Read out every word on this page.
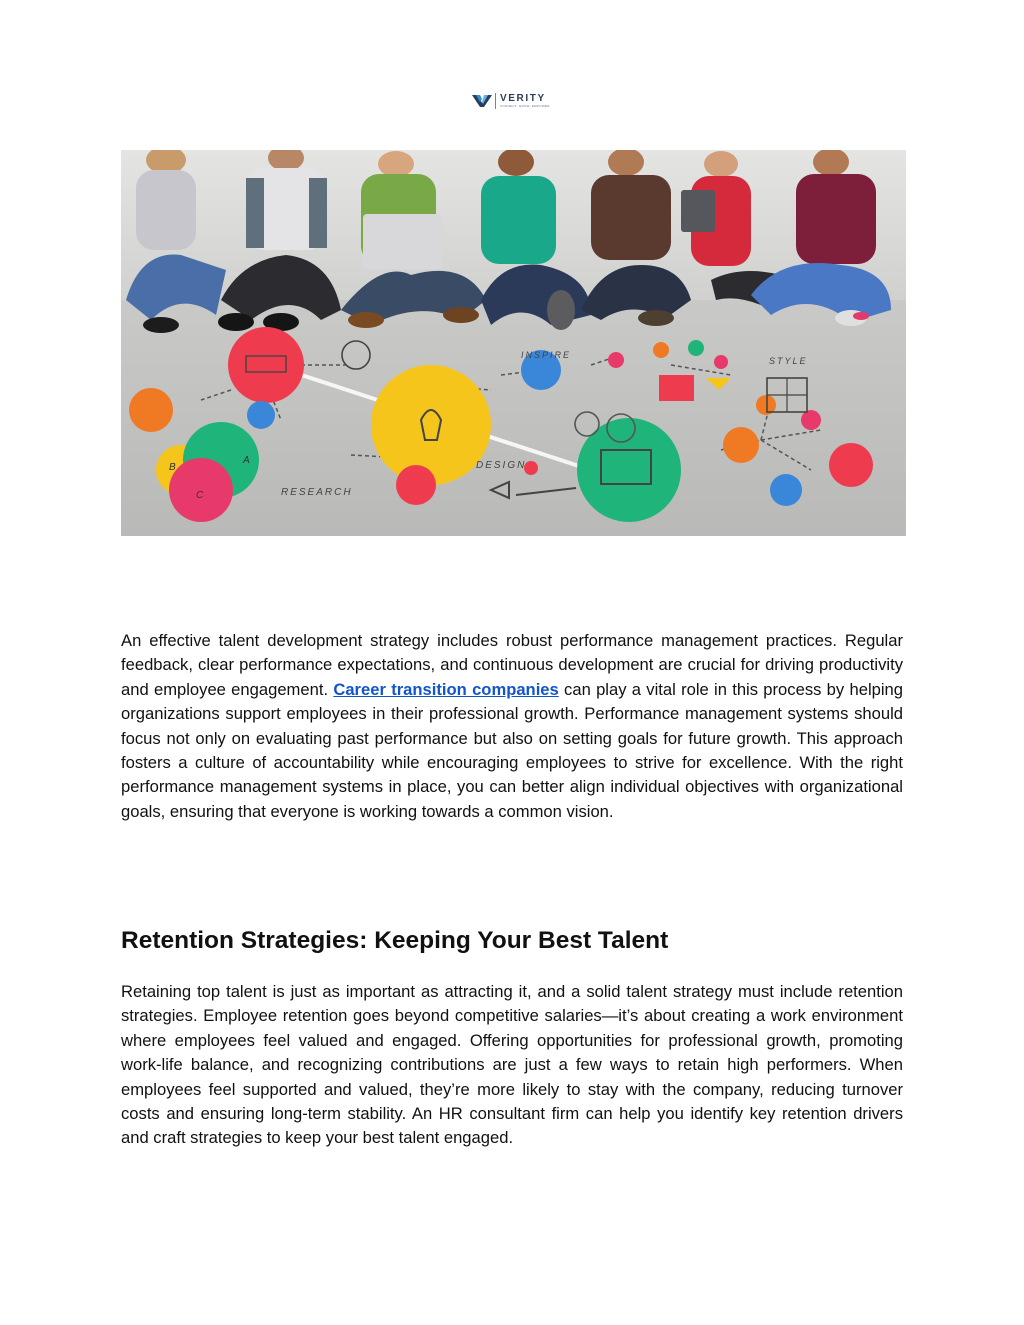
VERITY
CONNECT. GROW. EMPOWER
INSPIRE
STYLE
DESIGN
RESEARCH
A
B
C

An effective talent development strategy includes robust performance management practices. Regular feedback, clear performance expectations, and continuous development are crucial for driving productivity and employee engagement. Career transition companies can play a vital role in this process by helping organizations support employees in their professional growth. Performance management systems should focus not only on evaluating past performance but also on setting goals for future growth. This approach fosters a culture of accountability while encouraging employees to strive for excellence. With the right performance management systems in place, you can better align individual objectives with organizational goals, ensuring that everyone is working towards a common vision.

Retention Strategies: Keeping Your Best Talent

Retaining top talent is just as important as attracting it, and a solid talent strategy must include retention strategies. Employee retention goes beyond competitive salaries—it’s about creating a work environment where employees feel valued and engaged. Offering opportunities for professional growth, promoting work-life balance, and recognizing contributions are just a few ways to retain high performers. When employees feel supported and valued, they’re more likely to stay with the company, reducing turnover costs and ensuring long-term stability. An HR consultant firm can help you identify key retention drivers and craft strategies to keep your best talent engaged.
